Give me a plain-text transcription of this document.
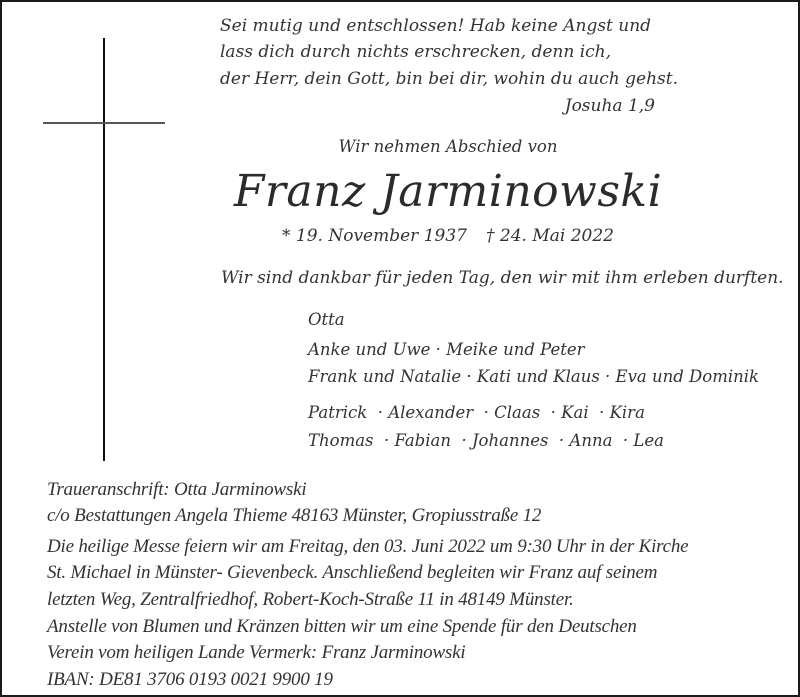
Sei mutig und entschlossen! Hab keine Angst und
lass dich durch nichts erschrecken, denn ich,
der Herr, dein Gott, bin bei dir, wohin du auch gehst.
Josuha 1,9
Wir nehmen Abschied von
Franz Jarminowski
* 19. November 1937 † 24. Mai 2022
Wir sind dankbar für jeden Tag, den wir mit ihm erleben durften.
Otta
Anke und Uwe · Meike und Peter
Frank und Natalie · Kati und Klaus · Eva und Dominik
Patrick  · Alexander  · Claas  · Kai  · Kira
Thomas  · Fabian  · Johannes  · Anna  · Lea
Traueranschrift: Otta Jarminowski
c/o Bestattungen Angela Thieme 48163 Münster, Gropiusstraße 12
Die heilige Messe feiern wir am Freitag, den 03. Juni 2022 um 9:30 Uhr in der Kirche
St. Michael in Münster- Gievenbeck. Anschließend begleiten wir Franz auf seinem
letzten Weg, Zentralfriedhof, Robert-Koch-Straße 11 in 48149 Münster.
Anstelle von Blumen und Kränzen bitten wir um eine Spende für den Deutschen
Verein vom heiligen Lande Vermerk: Franz Jarminowski
IBAN: DE81 3706 0193 0021 9900 19
